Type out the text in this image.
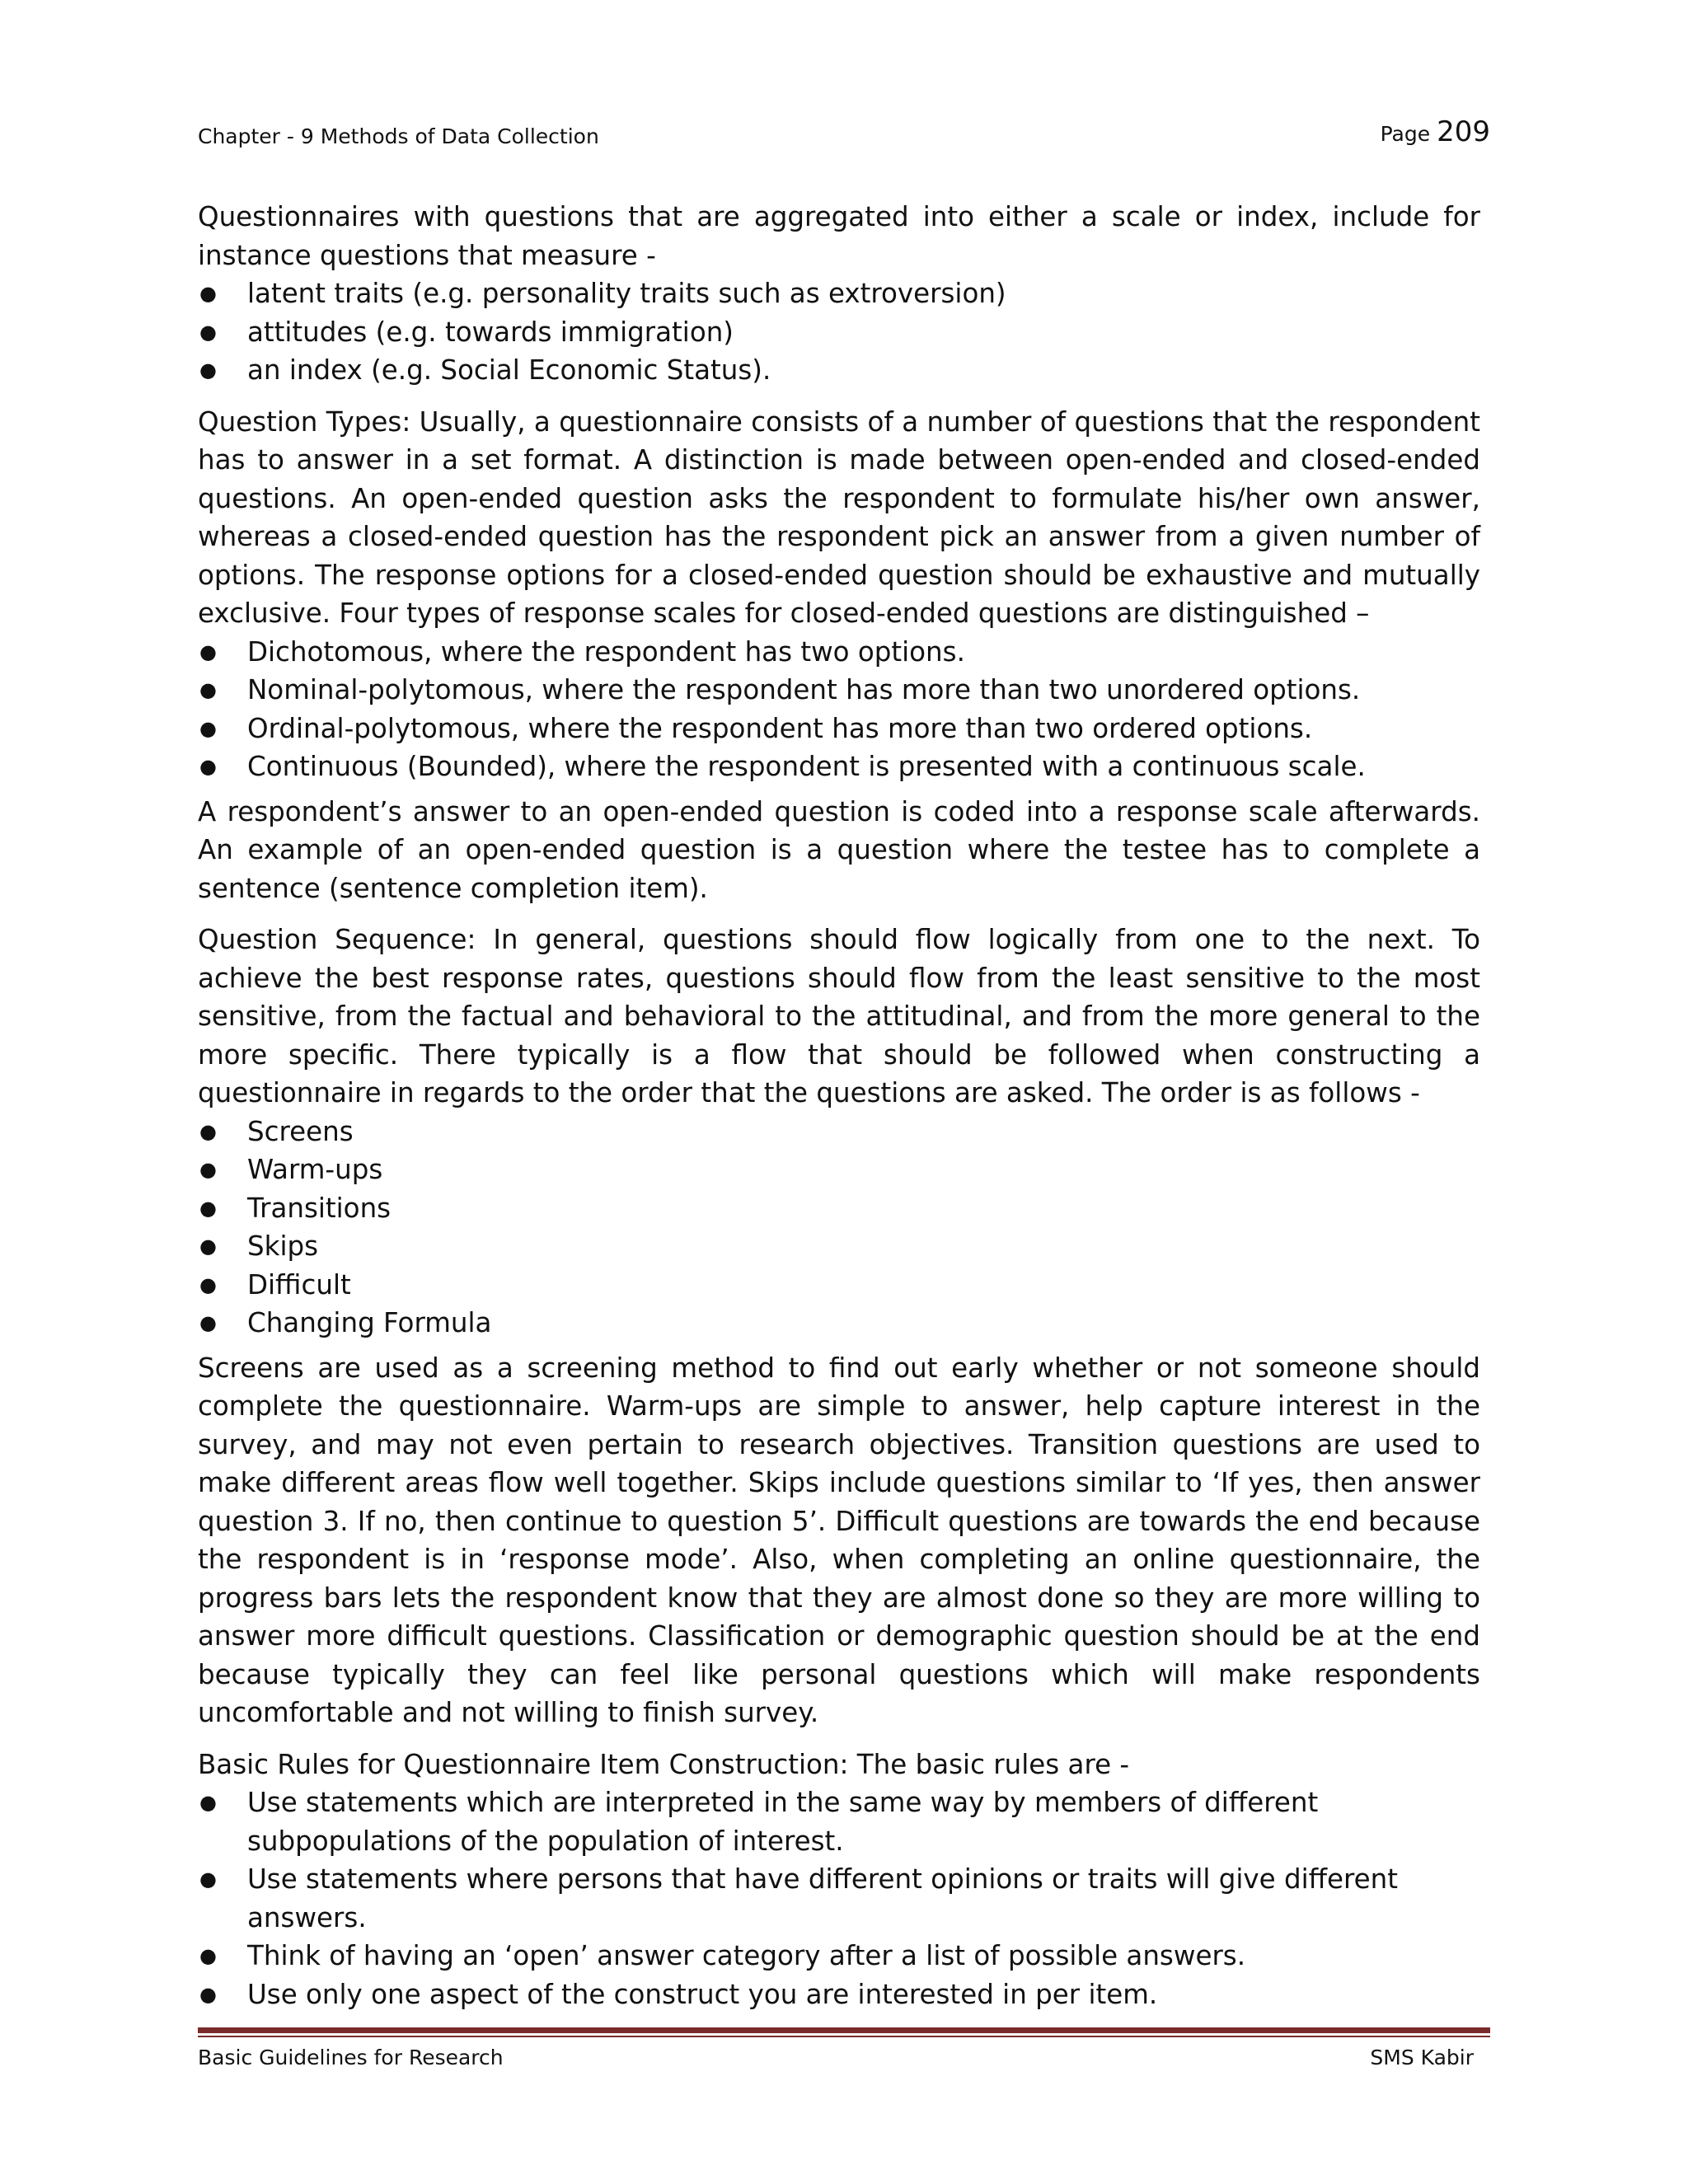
Chapter - 9 Methods of Data Collection	Page 209

Questionnaires with questions that are aggregated into either a scale or index, include for instance questions that measure -

● latent traits (e.g. personality traits such as extroversion)
● attitudes (e.g. towards immigration)
● an index (e.g. Social Economic Status).

Question Types: Usually, a questionnaire consists of a number of questions that the respondent has to answer in a set format. A distinction is made between open-ended and closed-ended questions. An open-ended question asks the respondent to formulate his/her own answer, whereas a closed-ended question has the respondent pick an answer from a given number of options. The response options for a closed-ended question should be exhaustive and mutually exclusive. Four types of response scales for closed-ended questions are distinguished –

● Dichotomous, where the respondent has two options.
● Nominal-polytomous, where the respondent has more than two unordered options.
● Ordinal-polytomous, where the respondent has more than two ordered options.
● Continuous (Bounded), where the respondent is presented with a continuous scale.

A respondent’s answer to an open-ended question is coded into a response scale afterwards. An example of an open-ended question is a question where the testee has to complete a sentence (sentence completion item).

Question Sequence: In general, questions should flow logically from one to the next. To achieve the best response rates, questions should flow from the least sensitive to the most sensitive, from the factual and behavioral to the attitudinal, and from the more general to the more specific. There typically is a flow that should be followed when constructing a questionnaire in regards to the order that the questions are asked. The order is as follows -

● Screens
● Warm-ups
● Transitions
● Skips
● Difficult
● Changing Formula

Screens are used as a screening method to find out early whether or not someone should complete the questionnaire. Warm-ups are simple to answer, help capture interest in the survey, and may not even pertain to research objectives. Transition questions are used to make different areas flow well together. Skips include questions similar to ‘If yes, then answer question 3. If no, then continue to question 5’. Difficult questions are towards the end because the respondent is in ‘response mode’. Also, when completing an online questionnaire, the progress bars lets the respondent know that they are almost done so they are more willing to answer more difficult questions. Classification or demographic question should be at the end because typically they can feel like personal questions which will make respondents uncomfortable and not willing to finish survey.

Basic Rules for Questionnaire Item Construction: The basic rules are -

● Use statements which are interpreted in the same way by members of different subpopulations of the population of interest.
● Use statements where persons that have different opinions or traits will give different answers.
● Think of having an ‘open’ answer category after a list of possible answers.
● Use only one aspect of the construct you are interested in per item.
Basic Guidelines for Research	SMS Kabir
